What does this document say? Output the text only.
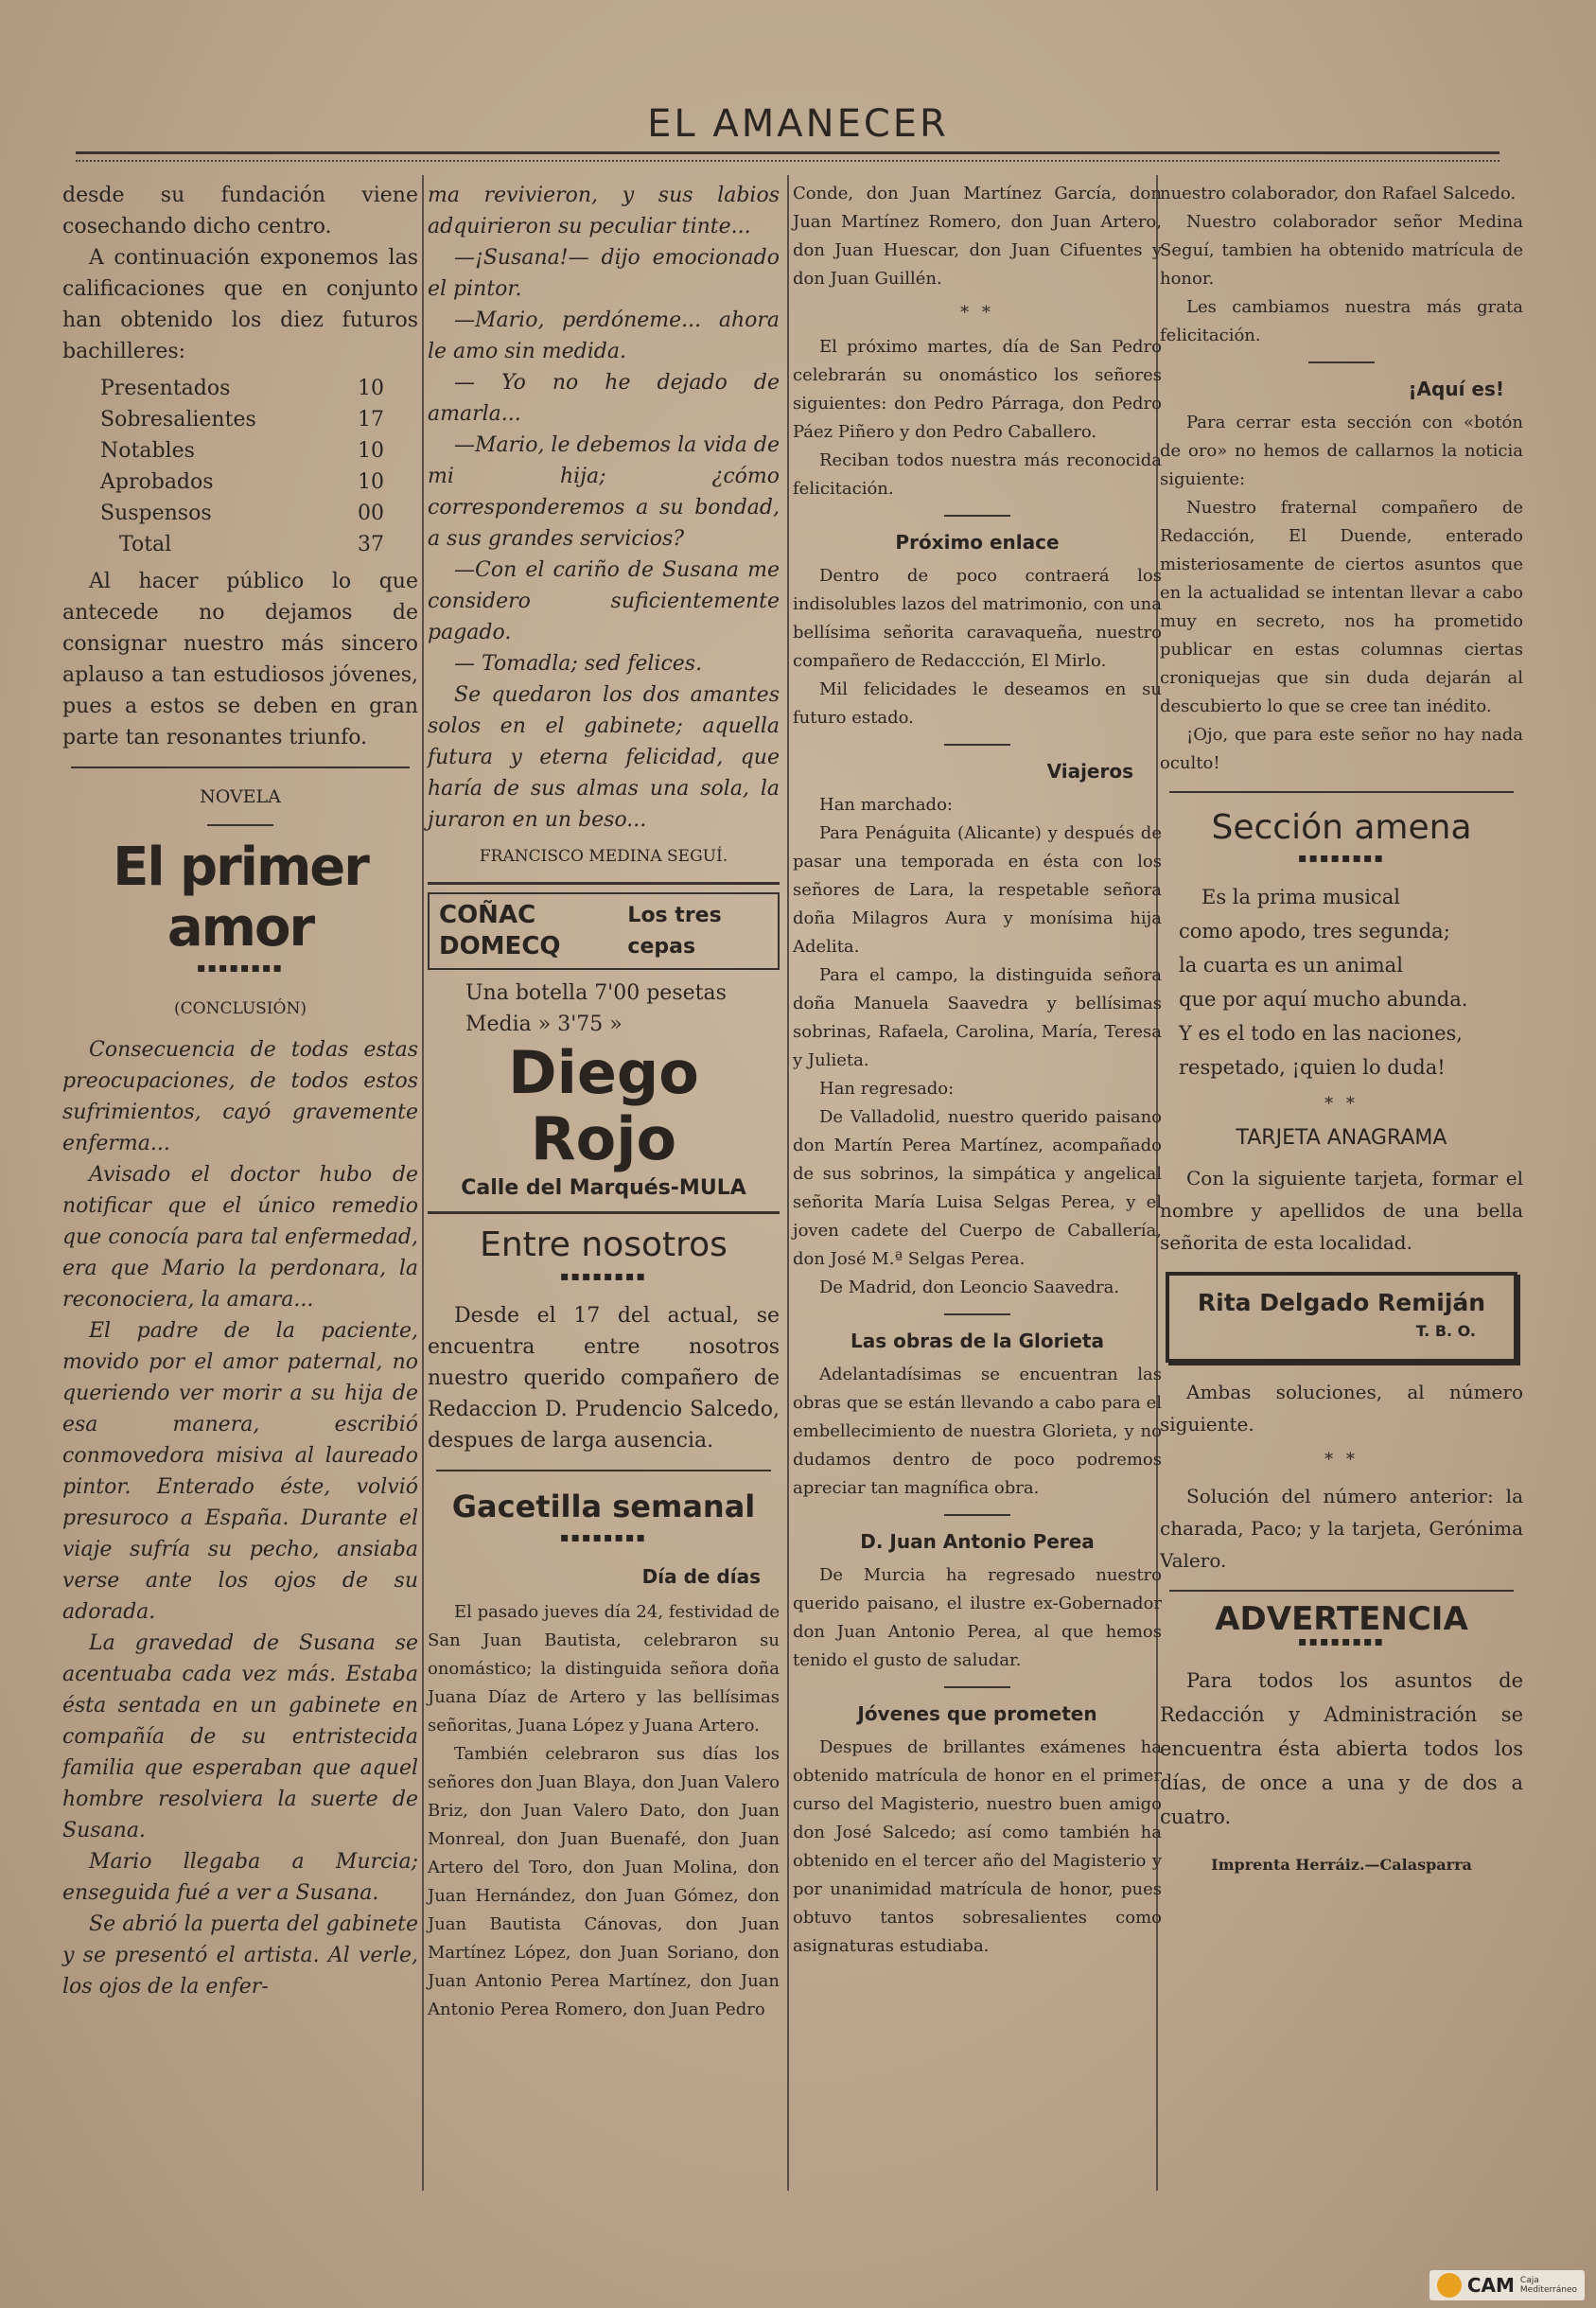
EL AMANECER

desde su fundación viene cosechando dicho centro.

A continuación exponemos las calificaciones que en conjunto han obtenido los diez futuros bachilleres:

Presentados	10
Sobresalientes	17
Notables	10
Aprobados	10
Suspensos	00
Total	37

Al hacer público lo que antecede no dejamos de consignar nuestro más sincero aplauso a tan estudiosos jóvenes, pues a estos se deben en gran parte tan resonantes triunfo.

NOVELA

El primer amor
▪▪▪▪▪▪▪▪

(CONCLUSIÓN)

Consecuencia de todas estas preocupaciones, de todos estos sufrimientos, cayó gravemente enferma...

Avisado el doctor hubo de notificar que el único remedio que conocía para tal enfermedad, era que Mario la perdonara, la reconociera, la amara...

El padre de la paciente, movido por el amor paternal, no queriendo ver morir a su hija de esa manera, escribió conmovedora misiva al laureado pintor. Enterado éste, volvió presuroco a España. Durante el viaje sufría su pecho, ansiaba verse ante los ojos de su adorada.

La gravedad de Susana se acentuaba cada vez más. Estaba ésta sentada en un gabinete en compañía de su entristecida familia que esperaban que aquel hombre resolviera la suerte de Susana.

Mario llegaba a Murcia; enseguida fué a ver a Susana.

Se abrió la puerta del gabinete y se presentó el artista. Al verle, los ojos de la enfer-

ma revivieron, y sus labios adquirieron su peculiar tinte...

—¡Susana!— dijo emocionado el pintor.

—Mario, perdóneme... ahora le amo sin medida.

— Yo no he dejado de amarla...

—Mario, le debemos la vida de mi hija; ¿cómo corresponderemos a su bondad, a sus grandes servicios?

—Con el cariño de Susana me considero suficientemente pagado.

— Tomadla; sed felices.

Se quedaron los dos amantes solos en el gabinete; aquella futura y eterna felicidad, que haría de sus almas una sola, la juraron en un beso...

FRANCISCO MEDINA SEGUÍ.

COÑAC DOMECQ
Los tres cepas

Una botella 7'00 pesetas

Media » 3'75 »

Diego Rojo

Calle del Marqués-MULA

Entre nosotros
▪▪▪▪▪▪▪▪

Desde el 17 del actual, se encuentra entre nosotros nuestro querido compañero de Redaccion D. Prudencio Salcedo, despues de larga ausencia.

Gacetilla semanal
▪▪▪▪▪▪▪▪
Día de días

El pasado jueves día 24, festividad de San Juan Bautista, celebraron su onomástico; la distinguida señora doña Juana Díaz de Artero y las bellísimas señoritas, Juana López y Juana Artero.

También celebraron sus días los señores don Juan Blaya, don Juan Valero Briz, don Juan Valero Dato, don Juan Monreal, don Juan Buenafé, don Juan Artero del Toro, don Juan Molina, don Juan Hernández, don Juan Gómez, don Juan Bautista Cánovas, don Juan Martínez López, don Juan Soriano, don Juan Antonio Perea Martínez, don Juan Antonio Perea Romero, don Juan Pedro

Conde, don Juan Martínez García, don Juan Martínez Romero, don Juan Artero, don Juan Huescar, don Juan Cifuentes y don Juan Guillén.

* *

El próximo martes, día de San Pedro celebrarán su onomástico los señores siguientes: don Pedro Párraga, don Pedro Páez Piñero y don Pedro Caballero.

Reciban todos nuestra más reconocida felicitación.

Próximo enlace

Dentro de poco contraerá los indisolubles lazos del matrimonio, con una bellísima señorita caravaqueña, nuestro compañero de Redaccción, El Mirlo.

Mil felicidades le deseamos en su futuro estado.

Viajeros

Han marchado:

Para Penáguita (Alicante) y después de pasar una temporada en ésta con los señores de Lara, la respetable señora doña Milagros Aura y monísima hija Adelita.

Para el campo, la distinguida señora doña Manuela Saavedra y bellísimas sobrinas, Rafaela, Carolina, María, Teresa y Julieta.

Han regresado:

De Valladolid, nuestro querido paisano don Martín Perea Martínez, acompañado de sus sobrinos, la simpática y angelical señorita María Luisa Selgas Perea, y el joven cadete del Cuerpo de Caballería, don José M.ª Selgas Perea.

De Madrid, don Leoncio Saavedra.

Las obras de la Glorieta

Adelantadísimas se encuentran las obras que se están llevando a cabo para el embellecimiento de nuestra Glorieta, y no dudamos dentro de poco podremos apreciar tan magnífica obra.

D. Juan Antonio Perea

De Murcia ha regresado nuestro querido paisano, el ilustre ex-Gobernador don Juan Antonio Perea, al que hemos tenido el gusto de saludar.

Jóvenes que prometen

Despues de brillantes exámenes ha obtenido matrícula de honor en el primer curso del Magisterio, nuestro buen amigo don José Salcedo; así como también ha obtenido en el tercer año del Magisterio y por unanimidad matrícula de honor, pues obtuvo tantos sobresalientes como asignaturas estudiaba.

nuestro colaborador, don Rafael Salcedo.

Nuestro colaborador señor Medina Seguí, tambien ha obtenido matrícula de honor.

Les cambiamos nuestra más grata felicitación.

¡Aquí es!

Para cerrar esta sección con «botón de oro» no hemos de callarnos la noticia siguiente:

Nuestro fraternal compañero de Redacción, El Duende, enterado misteriosamente de ciertos asuntos que en la actualidad se intentan llevar a cabo muy en secreto, nos ha prometido publicar en estas columnas ciertas croniquejas que sin duda dejarán al descubierto lo que se cree tan inédito.

¡Ojo, que para este señor no hay nada oculto!

Sección amena
▪▪▪▪▪▪▪▪
Es la prima musical
como apodo, tres segunda;
la cuarta es un animal
que por aquí mucho abunda.
Y es el todo en las naciones,
respetado, ¡quien lo duda!
* *

TARJETA ANAGRAMA

Con la siguiente tarjeta, formar el nombre y apellidos de una bella señorita de esta localidad.

Rita Delgado Remiján
T. B. O.

Ambas soluciones, al número siguiente.

* *

Solución del número anterior: la charada, Paco; y la tarjeta, Gerónima Valero.

ADVERTENCIA
▪▪▪▪▪▪▪▪

Para todos los asuntos de Redacción y Administración se encuentra ésta abierta todos los días, de once a una y de dos a cuatro.

Imprenta Herráiz.—Calasparra
CAM Caja
Mediterráneo
